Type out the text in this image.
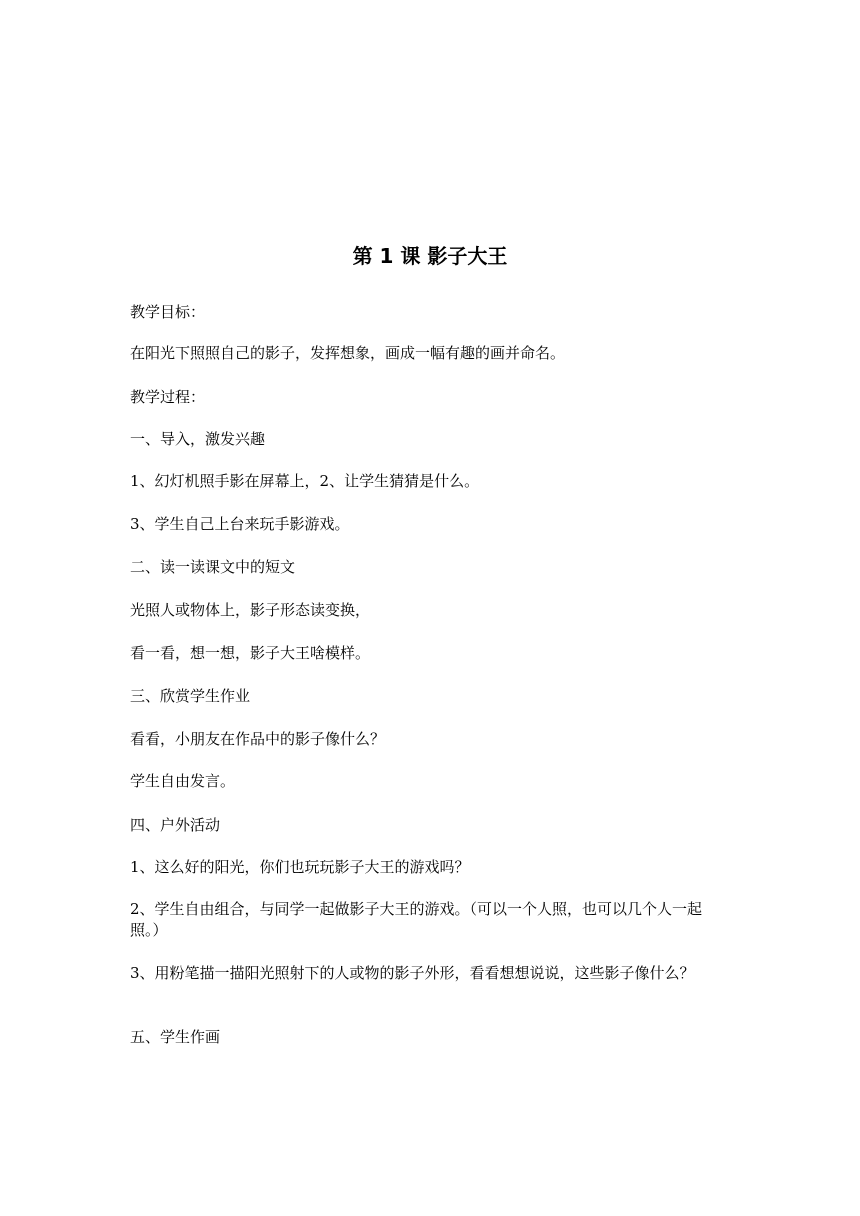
第 1 课 影子大王
教学目标：
在阳光下照照自己的影子，发挥想象，画成一幅有趣的画并命名。
教学过程：
一、导入，激发兴趣
1、幻灯机照手影在屏幕上，2、让学生猜猜是什么。
3、学生自己上台来玩手影游戏。
二、读一读课文中的短文
光照人或物体上，影子形态读变换，
看一看，想一想，影子大王啥模样。
三、欣赏学生作业
看看，小朋友在作品中的影子像什么？
学生自由发言。
四、户外活动
1、这么好的阳光，你们也玩玩影子大王的游戏吗？
2、学生自由组合，与同学一起做影子大王的游戏。（可以一个人照，也可以几个人一起照。）
3、用粉笔描一描阳光照射下的人或物的影子外形，看看想想说说，这些影子像什么？
五、学生作画
